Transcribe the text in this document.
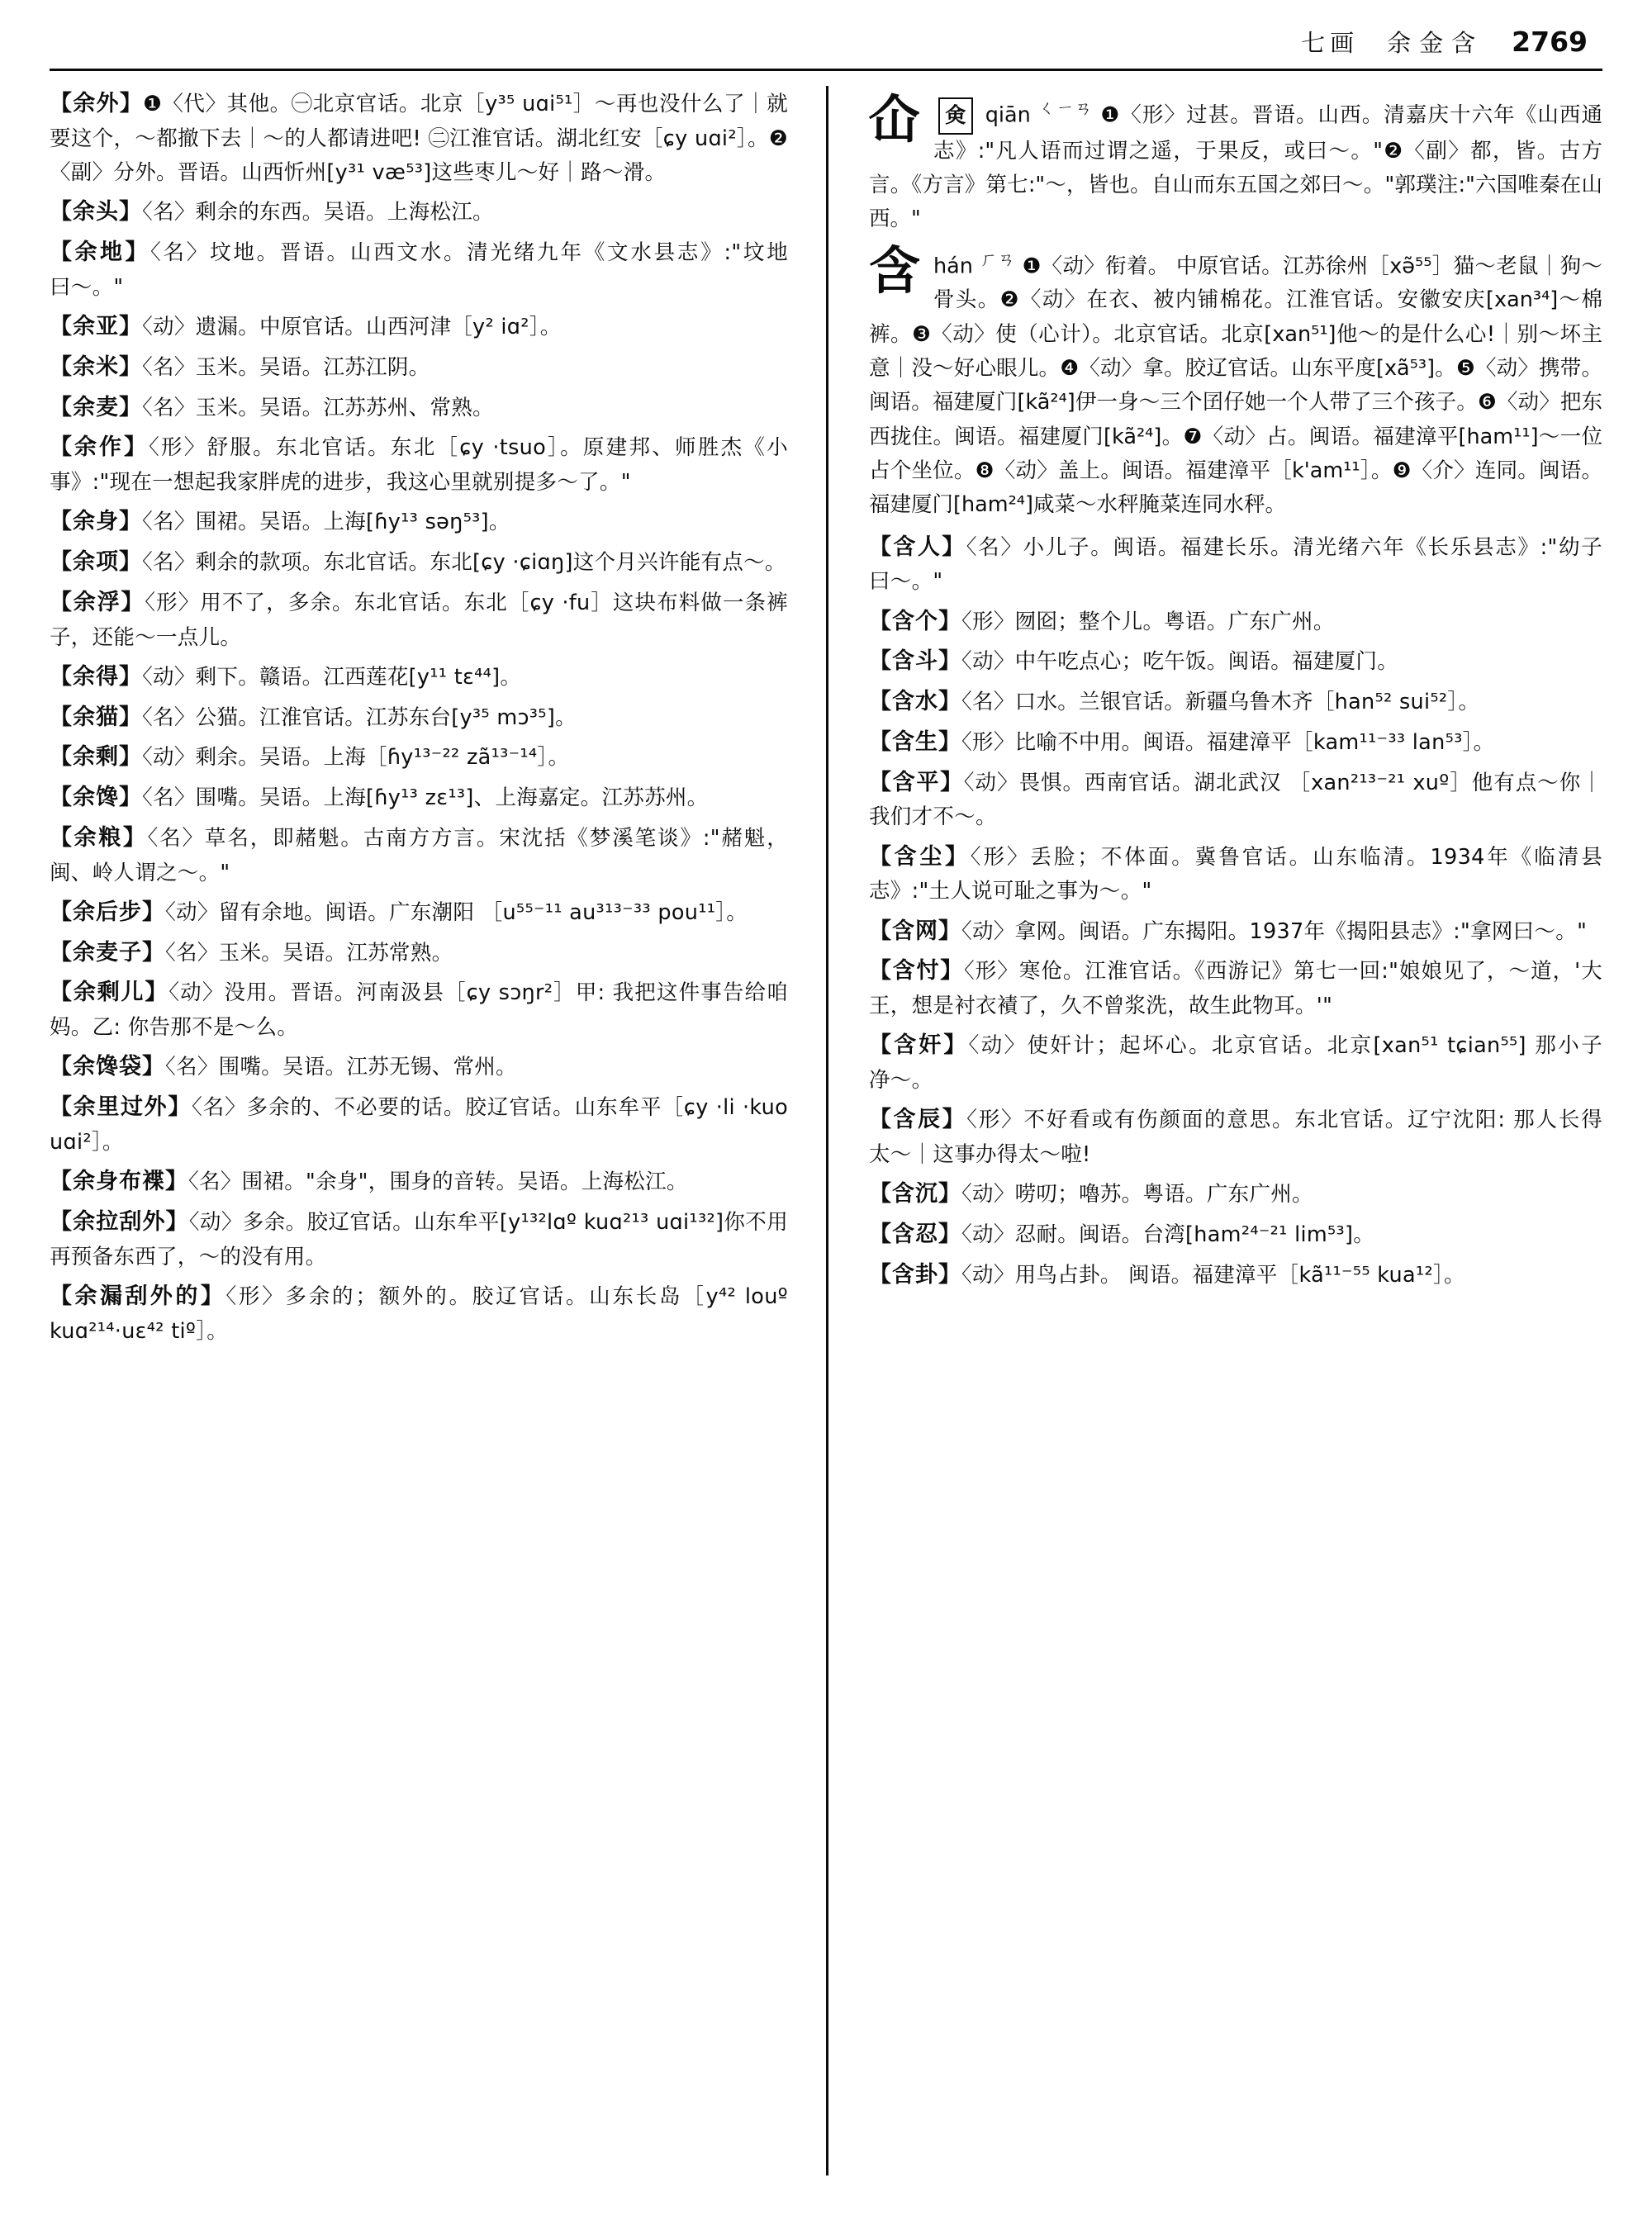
七画 余金含 2769
【余外】❶〈代〉其他。㊀北京官话。北京［y³⁵ uɑi⁵¹］〜再也没什么了｜就要这个，〜都撤下去｜〜的人都请进吧! ㊁江淮官话。湖北红安［ɕy uɑi²］。❷〈副〉分外。晋语。山西忻州[y³¹ væ⁵³]这些枣儿〜好｜路〜滑。
【余头】〈名〉剩余的东西。吴语。上海松江。
【余地】〈名〉坟地。晋语。山西文水。清光绪九年《文水县志》:"坟地曰〜。"
【余亚】〈动〉遗漏。中原官话。山西河津［y² iɑ²］。
【余米】〈名〉玉米。吴语。江苏江阴。
【余麦】〈名〉玉米。吴语。江苏苏州、常熟。
【余作】〈形〉舒服。东北官话。东北［ɕy ·tsuo］。原建邦、师胜杰《小事》:"现在一想起我家胖虎的进步，我这心里就别提多〜了。"
【余身】〈名〉围裙。吴语。上海[ɦy¹³ səŋ⁵³]。
【余项】〈名〉剩余的款项。东北官话。东北[ɕy ·ɕiɑŋ]这个月兴许能有点〜。
【余浮】〈形〉用不了，多余。东北官话。东北［ɕy ·fu］这块布料做一条裤子，还能〜一点儿。
【余得】〈动〉剩下。赣语。江西莲花[y¹¹ tɛ⁴⁴]。
【余猫】〈名〉公猫。江淮官话。江苏东台[y³⁵ mɔ³⁵]。
【余剩】〈动〉剩余。吴语。上海［ɦy¹³⁻²² zã¹³⁻¹⁴］。
【余馋】〈名〉围嘴。吴语。上海[ɦy¹³ zɛ¹³]、上海嘉定。江苏苏州。
【余粮】〈名〉草名，即赭魁。古南方方言。宋沈括《梦溪笔谈》:"赭魁，闽、岭人谓之〜。"
【余后步】〈动〉留有余地。闽语。广东潮阳 ［u⁵⁵⁻¹¹ au³¹³⁻³³ pou¹¹］。
【余麦子】〈名〉玉米。吴语。江苏常熟。
【余剩儿】〈动〉没用。晋语。河南汲县［ɕy sɔŋr²］甲: 我把这件事告给咱妈。乙: 你告那不是〜么。
【余馋袋】〈名〉围嘴。吴语。江苏无锡、常州。
【余里过外】〈名〉多余的、不必要的话。胶辽官话。山东牟平［ɕy ·li ·kuo uɑi²］。
【余身布褋】〈名〉围裙。"余身"，围身的音转。吴语。上海松江。
【余拉刮外】〈动〉多余。胶辽官话。山东牟平[y¹³²lɑº kuɑ²¹³ uɑi¹³²]你不用再预备东西了，〜的没有用。
【余漏刮外的】〈形〉多余的；额外的。胶辽官话。山东长岛［y⁴² louº kuɑ²¹⁴·uɛ⁴² tiº］。
仚 㑒 qiān $^{ㄑㄧㄢ}$ ❶〈形〉过甚。晋语。山西。清嘉庆十六年《山西通志》:"凡人语而过谓之遥，于果反，或曰〜。"❷〈副〉都，皆。古方言。《方言》第七:"〜，皆也。自山而东五国之郊曰〜。"郭璞注:"六国唯秦在山西。"
含 hán $^{ㄏㄢ}$ ❶〈动〉衔着。 中原官话。江苏徐州［xə̃⁵⁵］猫〜老鼠｜狗〜骨头。❷〈动〉在衣、被内铺棉花。江淮官话。安徽安庆[xan³⁴]〜棉裤。❸〈动〉使（心计）。北京官话。北京[xan⁵¹]他〜的是什么心!｜别〜坏主意｜没〜好心眼儿。❹〈动〉拿。胶辽官话。山东平度[xã⁵³]。❺〈动〉携带。闽语。福建厦门[kã²⁴]伊一身〜三个囝仔她一个人带了三个孩子。❻〈动〉把东西拢住。闽语。福建厦门[kã²⁴]。❼〈动〉占。闽语。福建漳平[ham¹¹]〜一位占个坐位。❽〈动〉盖上。闽语。福建漳平［k'am¹¹］。❾〈介〉连同。闽语。福建厦门[ham²⁴]咸菜〜水秤腌菜连同水秤。
【含人】〈名〉小儿子。闽语。福建长乐。清光绪六年《长乐县志》:"幼子曰〜。"
【含个】〈形〉囫囵；整个儿。粤语。广东广州。
【含斗】〈动〉中午吃点心；吃午饭。闽语。福建厦门。
【含水】〈名〉口水。兰银官话。新疆乌鲁木齐［han⁵² sui⁵²］。
【含生】〈形〉比喻不中用。闽语。福建漳平［kam¹¹⁻³³ lan⁵³］。
【含平】〈动〉畏惧。西南官话。湖北武汉 ［xan²¹³⁻²¹ xuº］他有点〜你｜我们才不〜。
【含尘】〈形〉丢脸；不体面。冀鲁官话。山东临清。1934年《临清县志》:"土人说可耻之事为〜。"
【含网】〈动〉拿网。闽语。广东揭阳。1937年《揭阳县志》:"拿网曰〜。"
【含忖】〈形〉寒伧。江淮官话。《西游记》第七一回:"娘娘见了，〜道，'大王，想是衬衣襀了，久不曾浆洗，故生此物耳。'"
【含奸】〈动〉使奸计；起坏心。北京官话。北京[xan⁵¹ tɕian⁵⁵] 那小子净〜。
【含辰】〈形〉不好看或有伤颜面的意思。东北官话。辽宁沈阳: 那人长得太〜｜这事办得太〜啦!
【含沉】〈动〉唠叨；嚕苏。粤语。广东广州。
【含忍】〈动〉忍耐。闽语。台湾[ham²⁴⁻²¹ lim⁵³]。
【含卦】〈动〉用鸟占卦。 闽语。福建漳平［kã¹¹⁻⁵⁵ kua¹²］。
